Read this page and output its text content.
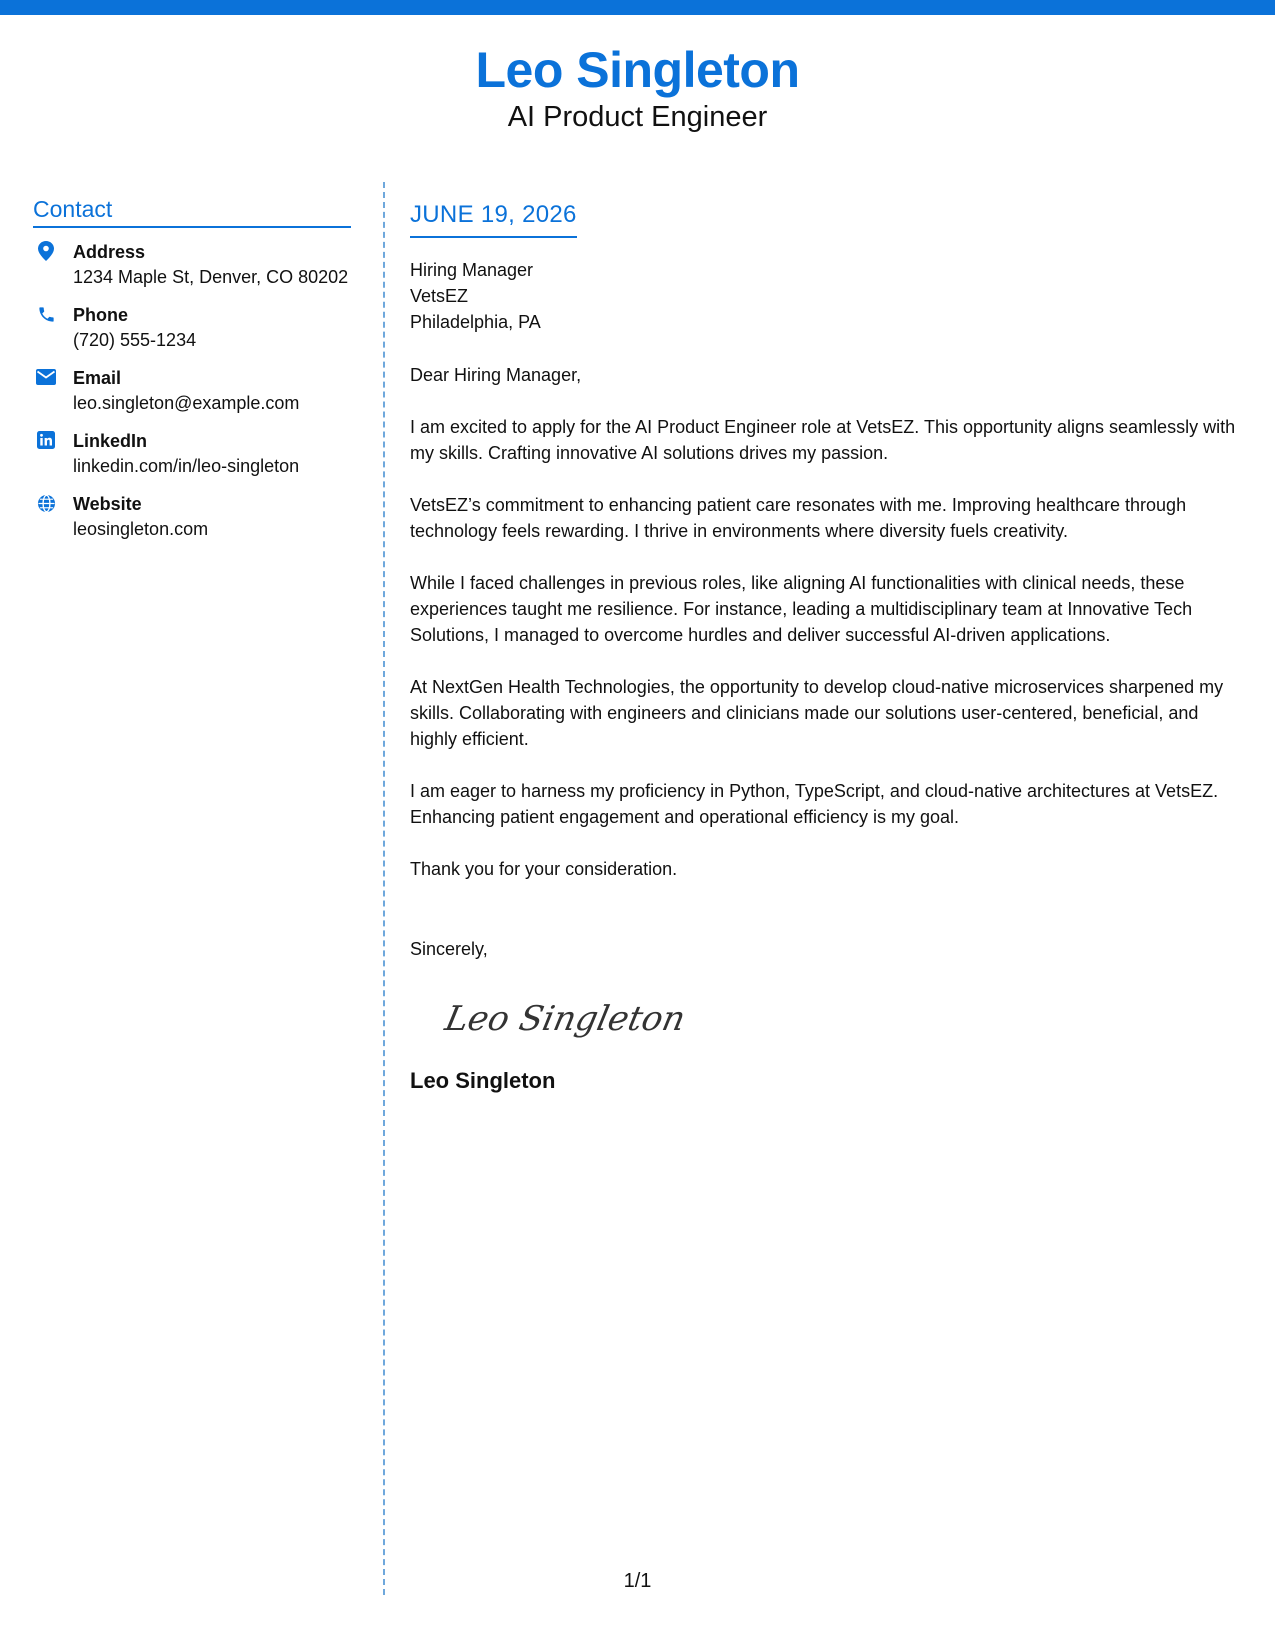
Leo Singleton
AI Product Engineer
Contact
Address
1234 Maple St, Denver, CO 80202
Phone
(720) 555-1234
Email
leo.singleton@example.com
LinkedIn
linkedin.com/in/leo-singleton
Website
leosingleton.com
JUNE 19, 2026
Hiring Manager
VetsEZ
Philadelphia, PA
Dear Hiring Manager,
I am excited to apply for the AI Product Engineer role at VetsEZ. This opportunity aligns seamlessly with my skills. Crafting innovative AI solutions drives my passion.
VetsEZ’s commitment to enhancing patient care resonates with me. Improving healthcare through technology feels rewarding. I thrive in environments where diversity fuels creativity.
While I faced challenges in previous roles, like aligning AI functionalities with clinical needs, these experiences taught me resilience. For instance, leading a multidisciplinary team at Innovative Tech Solutions, I managed to overcome hurdles and deliver successful AI-driven applications.
At NextGen Health Technologies, the opportunity to develop cloud-native microservices sharpened my skills. Collaborating with engineers and clinicians made our solutions user-centered, beneficial, and highly efficient.
I am eager to harness my proficiency in Python, TypeScript, and cloud-native architectures at VetsEZ. Enhancing patient engagement and operational efficiency is my goal.
Thank you for your consideration.
Sincerely,
Leo Singleton
Leo Singleton
1/1
